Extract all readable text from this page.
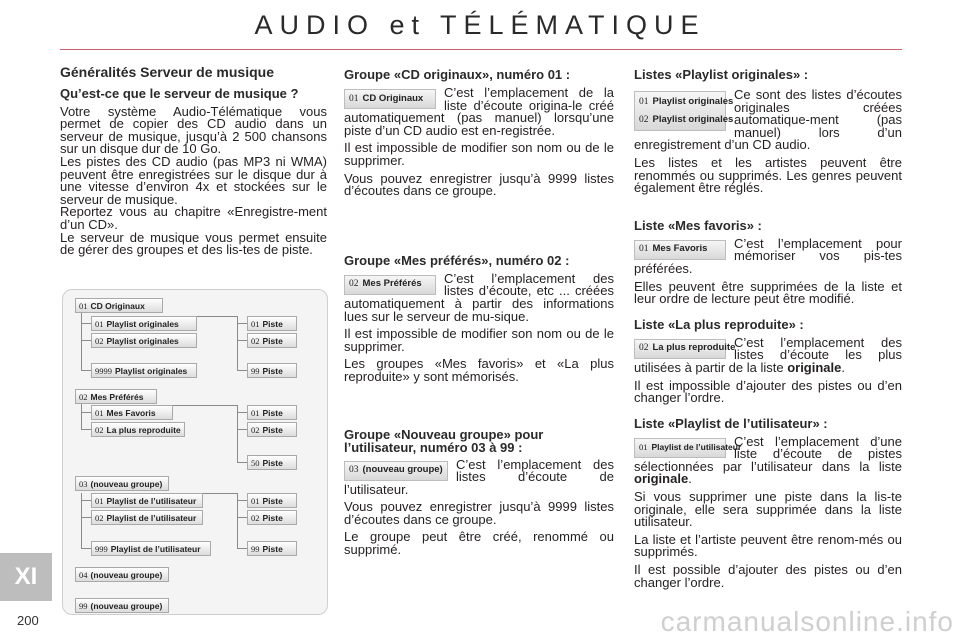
AUDIO et TÉLÉMATIQUE
Généralités Serveur de musique
Qu’est-ce que le serveur de musique ?

Votre système Audio-Télématique vous permet de copier des CD audio dans un serveur de musique, jusqu’à 2 500 chansons sur un disque dur de 10 Go.

Les pistes des CD audio (pas MP3 ni WMA) peuvent être enregistrées sur le disque dur à une vitesse d’environ 4x et stockées sur le serveur de musique.

Reportez vous au chapitre «Enregistre-ment d’un CD».

Le serveur de musique vous permet ensuite de gérer des groupes et des lis-tes de piste.

01 CD Originaux
01 Playlist originales
02 Playlist originales
9999 Playlist originales
01 Piste
02 Piste
99 Piste
02 Mes Préférés
01 Mes Favoris
02 La plus reproduite
01 Piste
02 Piste
50 Piste
03 (nouveau groupe)
01 Playlist de l’utilisateur
02 Playlist de l’utilisateur
999 Playlist de l’utilisateur
01 Piste
02 Piste
99 Piste
04 (nouveau groupe)
99 (nouveau groupe)
Groupe «CD originaux», numéro 01 :
01 CD Originaux	C’est l’emplacement de la liste d’écoute origina-le créé automatiquement (pas manuel) lorsqu’une piste d’un CD audio est en-registrée.

Il est impossible de modifier son nom ou de le supprimer.

Vous pouvez enregistrer jusqu’à 9999 listes d’écoutes dans ce groupe.

Groupe «Mes préférés», numéro 02 :
02 Mes Préférés	C’est l’emplacement des listes d’écoute, etc ... créées automatiquement à partir des informations lues sur le serveur de mu-sique.

Il est impossible de modifier son nom ou de le supprimer.

Les groupes «Mes favoris» et «La plus reproduite» y sont mémorisés.

Groupe «Nouveau groupe» pour l’utilisateur, numéro 03 à 99 :
03 (nouveau groupe)	C’est l’emplacement des listes d’écoute de l’utilisateur.

Vous pouvez enregistrer jusqu’à 9999 listes d’écoutes dans ce groupe.

Le groupe peut être créé, renommé ou supprimé.

Listes «Playlist originales» :
01 Playlist originales
02 Playlist originales

Ce sont des listes d’écoutes originales créées automatique-ment (pas manuel) lors d’un enregistrement d’un CD audio.

Les listes et les artistes peuvent être renommés ou supprimés. Les genres peuvent également être réglés.

Liste «Mes favoris» :
01 Mes Favoris	C’est l’emplacement pour mémoriser vos pis-tes préférées.

Elles peuvent être supprimées de la liste et leur ordre de lecture peut être modifié.

Liste «La plus reproduite» :
02 La plus reproduite

C’est l’emplacement des listes d’écoute les plus utilisées à partir de la liste originale.

Il est impossible d’ajouter des pistes ou d’en changer l’ordre.

Liste «Playlist de l’utilisateur» :
01 Playlist de l’utilisateur

C’est l’emplacement d’une liste d’écoute de pistes sélectionnées par l’utilisateur dans la liste originale.

Si vous supprimer une piste dans la lis-te originale, elle sera supprimée dans la liste utilisateur.

La liste et l’artiste peuvent être renom-més ou supprimés.

Il est possible d’ajouter des pistes ou d’en changer l’ordre.

XI
200	carmanualsonline.info
